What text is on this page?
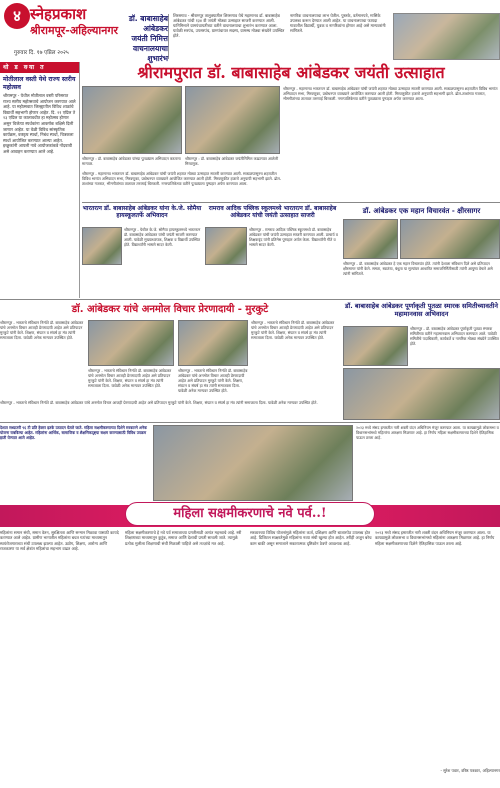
४ स्नेहप्रकाश
श्रीरामपूर-अहिल्यानगर
गुरुवार दि. १७ एप्रिल २०२५
डॉ. बाबासाहेब
आंबेडकर
जयंती निमित्त
वाचनालयाचा
शुभारंभ
शिरसगाव - श्रीरामपूर तालुक्यातील शिरसगाव येथे महामानव डॉ. बाबासाहेब आंबेडकर यांची १३४ वी जयंती मोठ्या उत्साहात साजरी करण्यात आली. यानिमित्ताने ग्रामपंचायतीच्या वतीने वाचनालयाचा शुभारंभ करण्यात आला. यावेळी सरपंच, उपसरपंच, ग्रामपंचायत सदस्य, ग्रामस्थ मोठ्या संख्येने उपस्थित होते.
नागरिक वाचनालयाचा लाभ घेतील. पुस्तके, वर्तमानपत्रे, मासिके उपलब्ध करून देण्यात आली आहेत. या वाचनालयाचा फायदा गावातील विद्यार्थी, युवक व नागरिकांना होणार आहे असे मान्यवरांनी सांगितले.
थो ड क्या त
मोतीलाल वस्ती येथे राज्य स्तरीय महोत्सव
श्रीरामपूर - येथील मोतीलाल वस्ती परिसरात राज्य स्तरीय महोत्सवाचे आयोजन करण्यात आले आहे. या महोत्सवात जिल्ह्यातील विविध शाळांचे विद्यार्थी सहभागी होणार आहेत. दि. २१ एप्रिल ते २३ एप्रिल या कालावधीत हा महोत्सव होणार असून विजेत्या स्पर्धकांना आकर्षक बक्षिसे दिली जाणार आहेत. या वेळी विविध सांस्कृतिक कार्यक्रम, वक्तृत्व स्पर्धा, निबंध स्पर्धा, चित्रकला स्पर्धा आयोजित करण्यात आल्या आहेत. इच्छुकांनी आपली नावे आयोजकांकडे नोंदवावी असे आवाहन करण्यात आले आहे.
श्रीरामपुरात डॉ. बाबासाहेब आंबेडकर जयंती उत्साहात
श्रीरामपूर : डॉ. बाबासाहेब आंबेडकर यांच्या पुतळ्यास अभिवादन करताना मान्यवर.
श्रीरामपूर : डॉ. बाबासाहेब आंबेडकर जयंतीनिमित्त काढण्यात आलेली मिरवणूक.
श्रीरामपूर - महामानव भारतरत्न डॉ. बाबासाहेब आंबेडकर यांची जयंती शहरात मोठ्या उत्साहात साजरी करण्यात आली. सकाळपासूनच शहरातील विविध भागांत अभिवादन सभा, मिरवणुका, प्रबोधनपर व्याख्याने आयोजित करण्यात आली होती. मिरवणुकीत हजारो अनुयायी सहभागी झाले. ढोल-ताशांच्या गजरात, भीमगीतांच्या तालावर तरुणाई थिरकली. नगरपालिकेच्या वतीने पुतळ्याला पुष्पहार अर्पण करण्यात आला.
श्रीरामपूर - महामानव भारतरत्न डॉ. बाबासाहेब आंबेडकर यांची जयंती शहरात मोठ्या उत्साहात साजरी करण्यात आली. सकाळपासूनच शहरातील विविध भागांत अभिवादन सभा, मिरवणुका, प्रबोधनपर व्याख्याने आयोजित करण्यात आली होती. मिरवणुकीत हजारो अनुयायी सहभागी झाले. ढोल-ताशांच्या गजरात, भीमगीतांच्या तालावर तरुणाई थिरकली. नगरपालिकेच्या वतीने पुतळ्याला पुष्पहार अर्पण करण्यात आला.
भारतरत्न डॉ. बाबासाहेब आंबेडकर यांना के.जे. सोमैया हायस्कूलतर्फे अभिवादन
श्रीरामपूर - येथील के.जे. सोमैया हायस्कूलमध्ये भारतरत्न डॉ. बाबासाहेब आंबेडकर यांची जयंती साजरी करण्यात आली. यावेळी मुख्याध्यापक, शिक्षक व विद्यार्थी उपस्थित होते. विद्यार्थ्यांनी भाषणे सादर केली.
रामराव आदिक पब्लिक स्कूलमध्ये भारतरत्न डॉ. बाबासाहेब आंबेडकर यांची जयंती उत्साहात साजरी
श्रीरामपूर - रामराव आदिक पब्लिक स्कूलमध्ये डॉ. बाबासाहेब आंबेडकर यांची जयंती उत्साहात साजरी करण्यात आली. प्राचार्य व शिक्षकवृंद यांनी प्रतिमेस पुष्पहार अर्पण केला. विद्यार्थ्यांनी गीते व भाषणे सादर केली.
डॉ. आंबेडकर एक महान विचारवंत - क्षीरसागर
श्रीरामपूर - डॉ. बाबासाहेब आंबेडकर हे एक महान विचारवंत होते. त्यांनी देशाला संविधान दिले असे प्रतिपादन क्षीरसागर यांनी केले. समता, स्वातंत्र्य, बंधुता या मूल्यांवर आधारित समाजनिर्मितीसाठी त्यांनी आयुष्य वेचले असे त्यांनी सांगितले.
डॉ. आंबेडकर यांचे अनमोल विचार प्रेरणादायी - मुरकुटे
श्रीरामपूर - भारताचे संविधान निर्माते डॉ. बाबासाहेब आंबेडकर यांचे अनमोल विचार आजही प्रेरणादायी आहेत असे प्रतिपादन मुरकुटे यांनी केले. शिक्षण, संघटन व संघर्ष हा मंत्र त्यांनी समाजाला दिला. यावेळी अनेक मान्यवर उपस्थित होते.
श्रीरामपूर - भारताचे संविधान निर्माते डॉ. बाबासाहेब आंबेडकर यांचे अनमोल विचार आजही प्रेरणादायी आहेत असे प्रतिपादन मुरकुटे यांनी केले. शिक्षण, संघटन व संघर्ष हा मंत्र त्यांनी समाजाला दिला. यावेळी अनेक मान्यवर उपस्थित होते.
श्रीरामपूर - भारताचे संविधान निर्माते डॉ. बाबासाहेब आंबेडकर यांचे अनमोल विचार आजही प्रेरणादायी आहेत असे प्रतिपादन मुरकुटे यांनी केले. शिक्षण, संघटन व संघर्ष हा मंत्र त्यांनी समाजाला दिला. यावेळी अनेक मान्यवर उपस्थित होते.
श्रीरामपूर - भारताचे संविधान निर्माते डॉ. बाबासाहेब आंबेडकर यांचे अनमोल विचार आजही प्रेरणादायी आहेत असे प्रतिपादन मुरकुटे यांनी केले. शिक्षण, संघटन व संघर्ष हा मंत्र त्यांनी समाजाला दिला. यावेळी अनेक मान्यवर उपस्थित होते.
डॉ. बाबासाहेब आंबेडकर पूर्णाकृती पुतळा स्मारक समितीच्यावतीने महामानवास अभिवादन
श्रीरामपूर - डॉ. बाबासाहेब आंबेडकर पूर्णाकृती पुतळा स्मारक समितीच्या वतीने महामानवास अभिवादन करण्यात आले. यावेळी समितीचे पदाधिकारी, कार्यकर्ते व नागरिक मोठ्या संख्येने उपस्थित होते.
श्रीरामपूर - भारताचे संविधान निर्माते डॉ. बाबासाहेब आंबेडकर यांचे अनमोल विचार आजही प्रेरणादायी आहेत असे प्रतिपादन मुरकुटे यांनी केले. शिक्षण, संघटन व संघर्ष हा मंत्र त्यांनी समाजाला दिला. यावेळी अनेक मान्यवर उपस्थित होते.
देशात सध्यातरी ९६ टी प्रति हेक्टर इतके उत्पादन घेतले जाते. महिला सक्षमीकरणाच्या दिशेने सरकारने अनेक योजना राबविल्या आहेत. महिलांना आर्थिक, सामाजिक व शैक्षणिकदृष्ट्या सक्षम करण्यासाठी विविध उपक्रम हाती घेण्यात आले आहेत.
२०२३ मध्ये संसद इमारतीत नारी शक्ती वंदन अधिनियम मंजूर करण्यात आला. या कायद्यामुळे लोकसभा व विधानसभांमध्ये महिलांना आरक्षण मिळणार आहे. हा निर्णय महिला सक्षमीकरणाच्या दिशेने ऐतिहासिक पाऊल ठरला आहे.
महिला सक्षमीकरणाचे नवे पर्व..!
महिलांना समान संधी, समान वेतन, सुरक्षितता आणि सन्मान मिळावा यासाठी कायदे करण्यात आले आहेत. ग्रामीण भागातील महिलांना बचत गटांच्या माध्यमातून स्वयंरोजगाराच्या संधी उपलब्ध झाल्या आहेत. उद्योग, शिक्षण, आरोग्य आणि राजकारण या सर्व क्षेत्रांत महिलांचा सहभाग वाढत आहे.
महिला सक्षमीकरणाचे हे नवे पर्व समाजाच्या प्रगतीसाठी अत्यंत महत्त्वाचे आहे. स्त्री शिक्षणाच्या माध्यमातून कुटुंब, समाज आणि देशाची प्रगती साधली जाते. त्यामुळे प्रत्येक मुलीला शिक्षणाची संधी मिळाली पाहिजे असे तज्ज्ञांचे मत आहे.
सरकारच्या विविध योजनांमुळे महिलांना कर्ज, प्रशिक्षण आणि बाजारपेठ उपलब्ध होत आहे. डिजिटल साक्षरतेमुळे महिलांना नव्या संधी खुल्या होत आहेत. तरीही अजून बरेच काम बाकी असून समाजाने सकारात्मक दृष्टिकोन ठेवणे आवश्यक आहे.
२०२३ मध्ये संसद इमारतीत नारी शक्ती वंदन अधिनियम मंजूर करण्यात आला. या कायद्यामुळे लोकसभा व विधानसभांमध्ये महिलांना आरक्षण मिळणार आहे. हा निर्णय महिला सक्षमीकरणाच्या दिशेने ऐतिहासिक पाऊल ठरला आहे.
- सुरेश पवार, वरिष्ठ पत्रकार, अहिल्यानगर
